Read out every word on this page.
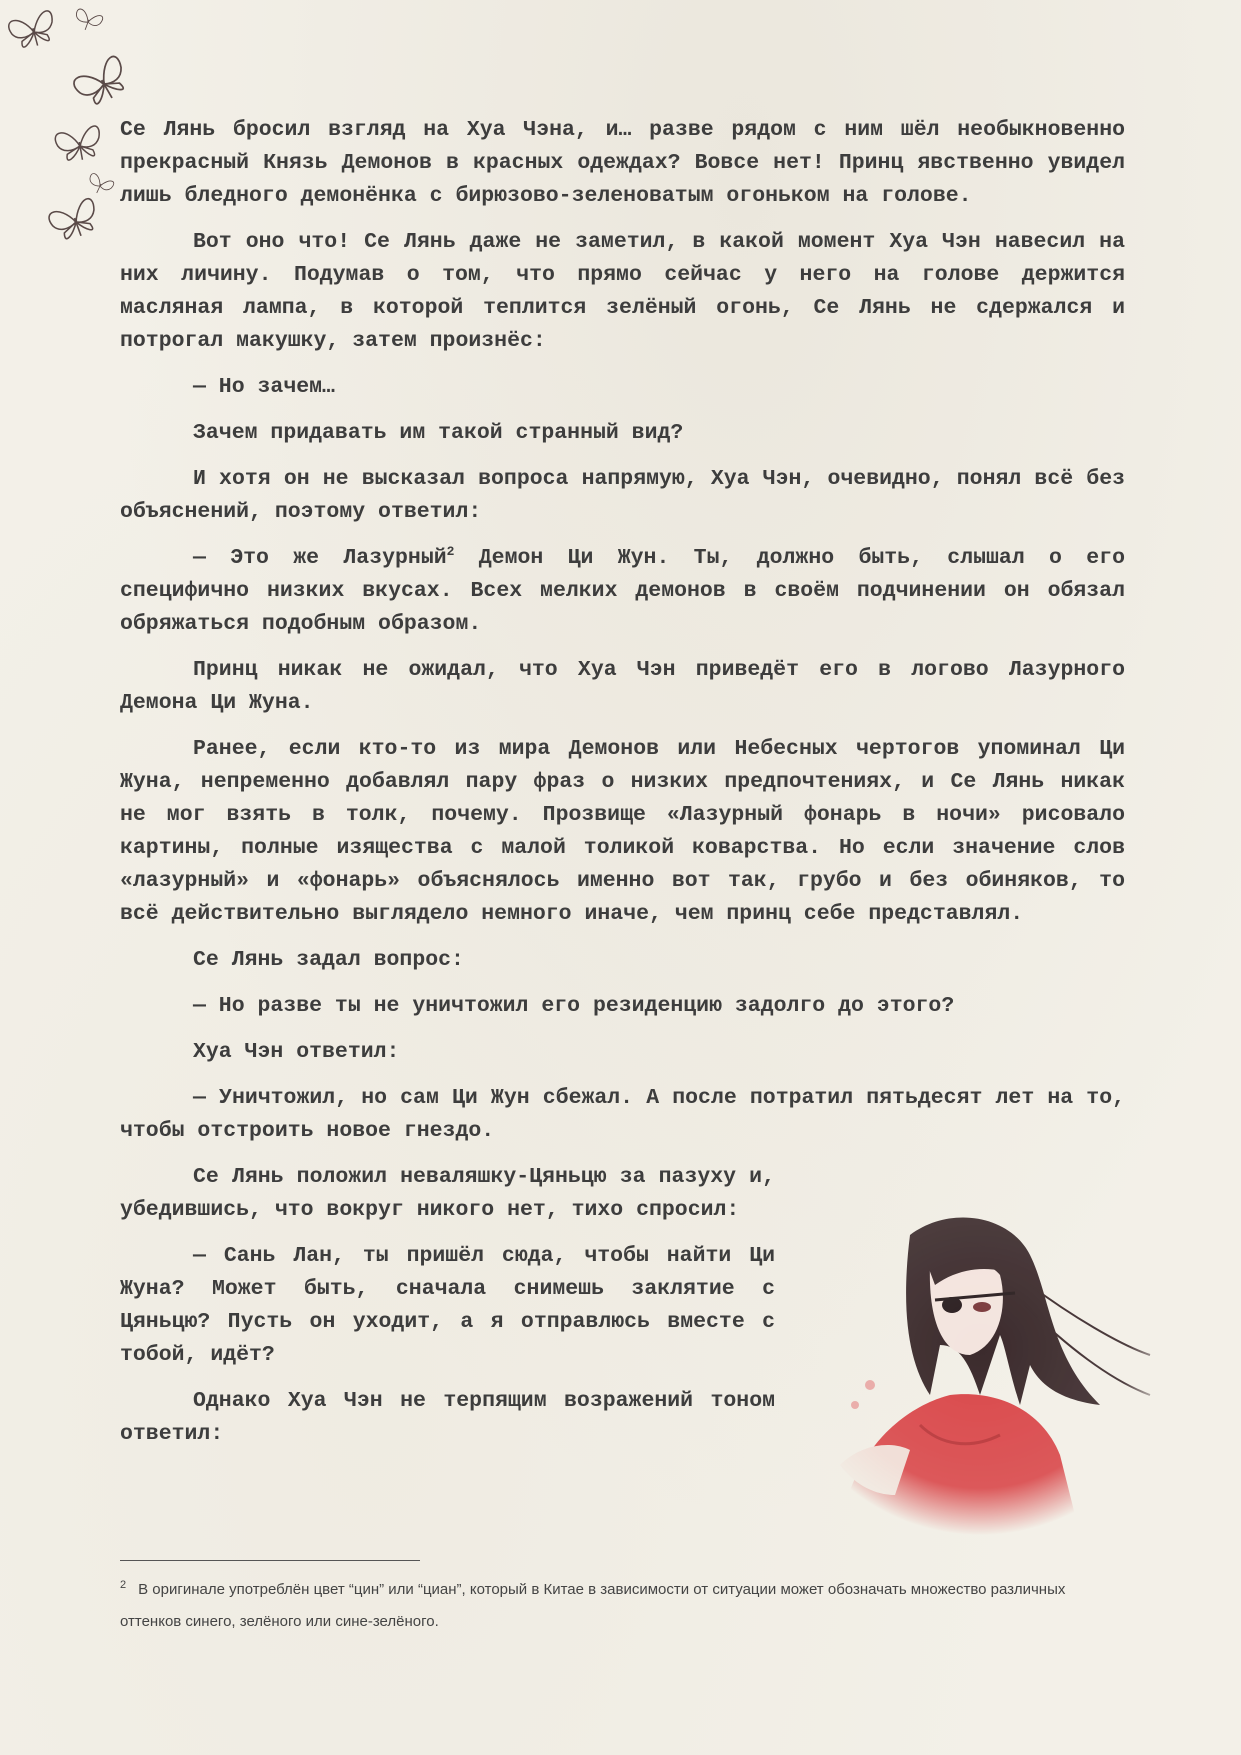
Се Лянь бросил взгляд на Хуа Чэна, и… разве рядом с ним шёл необыкновенно прекрасный Князь Демонов в красных одеждах? Вовсе нет! Принц явственно увидел лишь бледного демонёнка с бирюзово-зеленоватым огоньком на голове.

Вот оно что! Се Лянь даже не заметил, в какой момент Хуа Чэн навесил на них личину. Подумав о том, что прямо сейчас у него на голове держится масляная лампа, в которой теплится зелёный огонь, Се Лянь не сдержался и потрогал макушку, затем произнёс:

— Но зачем…

Зачем придавать им такой странный вид?

И хотя он не высказал вопроса напрямую, Хуа Чэн, очевидно, понял всё без объяснений, поэтому ответил:

— Это же Лазурный$^2$ Демон Ци Жун. Ты, должно быть, слышал о его специфично низких вкусах. Всех мелких демонов в своём подчинении он обязал обряжаться подобным образом.

Принц никак не ожидал, что Хуа Чэн приведёт его в логово Лазурного Демона Ци Жуна.

Ранее, если кто-то из мира Демонов или Небесных чертогов упоминал Ци Жуна, непременно добавлял пару фраз о низких предпочтениях, и Се Лянь никак не мог взять в толк, почему. Прозвище «Лазурный фонарь в ночи» рисовало картины, полные изящества с малой толикой коварства. Но если значение слов «лазурный» и «фонарь» объяснялось именно вот так, грубо и без обиняков, то всё действительно выглядело немного иначе, чем принц себе представлял.

Се Лянь задал вопрос:

— Но разве ты не уничтожил его резиденцию задолго до этого?

Хуа Чэн ответил:

— Уничтожил, но сам Ци Жун сбежал. А после потратил пятьдесят лет на то, чтобы отстроить новое гнездо.

Се Лянь положил неваляшку-Цяньцю за пазуху и, убедившись, что вокруг никого нет, тихо спросил:

— Сань Лан, ты пришёл сюда, чтобы найти Ци Жуна? Может быть, сначала снимешь заклятие с Цяньцю? Пусть он уходит, а я отправлюсь вместе с тобой, идёт?

Однако Хуа Чэн не терпящим возражений тоном ответил:

$^2$ В оригинале употреблён цвет “цин” или “циан”, который в Китае в зависимости от ситуации может обозначать множество различных оттенков синего, зелёного или сине-зелёного.
